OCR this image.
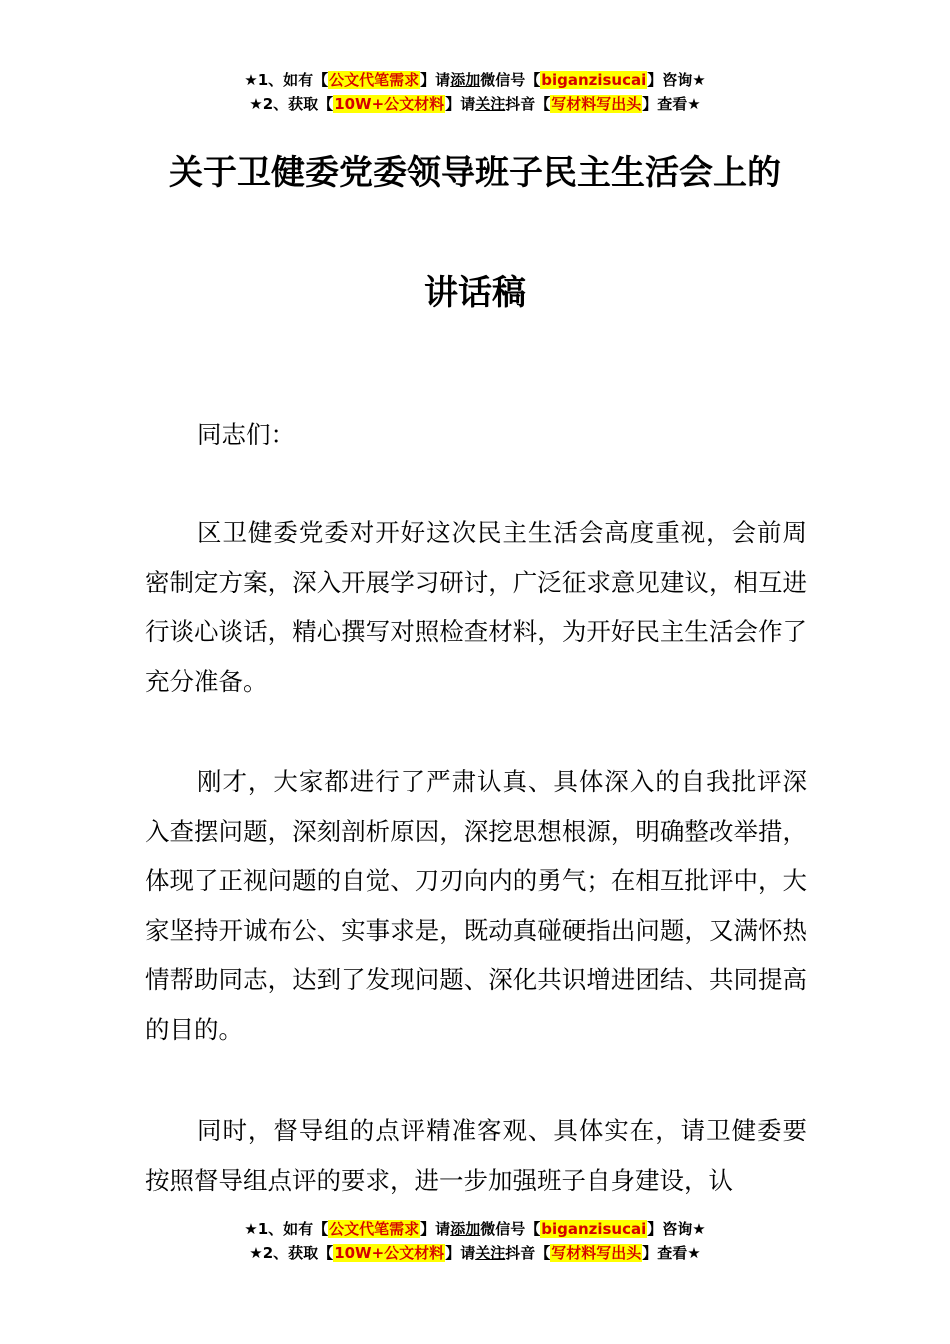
★1、如有【公文代笔需求】请添加微信号【biganzisucai】咨询★
★2、获取【10W+公文材料】请关注抖音【写材料写出头】查看★
关于卫健委党委领导班子民主生活会上的
讲话稿
同志们：
区卫健委党委对开好这次民主生活会高度重视，会前周密制定方案，深入开展学习研讨，广泛征求意见建议，相互进行谈心谈话，精心撰写对照检查材料，为开好民主生活会作了充分准备。
刚才，大家都进行了严肃认真、具体深入的自我批评深入查摆问题，深刻剖析原因，深挖思想根源，明确整改举措，体现了正视问题的自觉、刀刃向内的勇气；在相互批评中，大家坚持开诚布公、实事求是，既动真碰硬指出问题，又满怀热情帮助同志，达到了发现问题、深化共识增进团结、共同提高的目的。
同时，督导组的点评精准客观、具体实在，请卫健委要按照督导组点评的要求，进一步加强班子自身建设，认
★1、如有【公文代笔需求】请添加微信号【biganzisucai】咨询★
★2、获取【10W+公文材料】请关注抖音【写材料写出头】查看★
